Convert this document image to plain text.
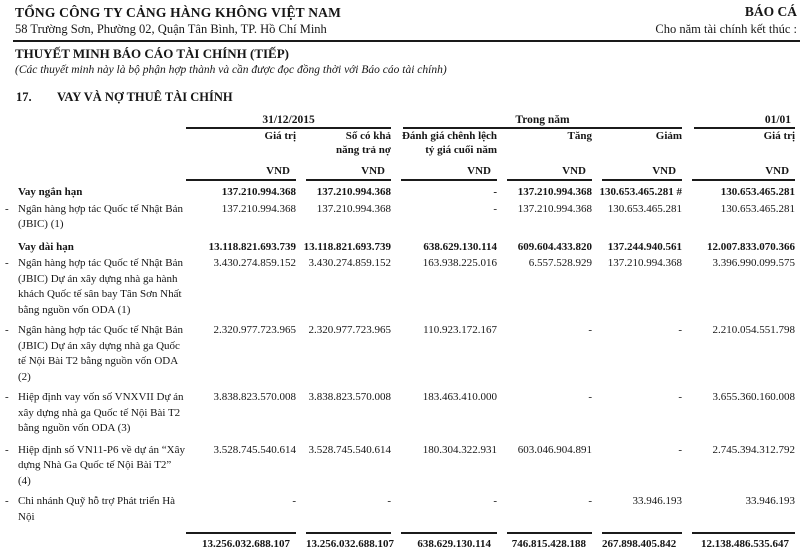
TỔNG CÔNG TY CẢNG HÀNG KHÔNG VIỆT NAM
58 Trường Sơn, Phường 02, Quận Tân Bình, TP. Hồ Chí Minh
BÁO CÁ
Cho năm tài chính kết thúc :
THUYẾT MINH BÁO CÁO TÀI CHÍNH (TIẾP)
(Các thuyết minh này là bộ phận hợp thành và cần được đọc đồng thời với Báo cáo tài chính)
17. VAY VÀ NỢ THUÊ TÀI CHÍNH

	31/12/2015		Trong năm			01/01

	Giá trị	Số có khả
năng trả nợ	Đánh giá chênh lệch
tỷ giá cuối năm	Tăng	Giảm	Giá trị

	VND	VND	VND	VND	VND	VND

Vay ngắn hạn	137.210.994.368	137.210.994.368	-	137.210.994.368	130.653.465.281 #	130.653.465.281
- Ngân hàng hợp tác Quốc tế Nhật Bản (JBIC) (1)	137.210.994.368	137.210.994.368	-	137.210.994.368	130.653.465.281	130.653.465.281
Vay dài hạn	13.118.821.693.739	13.118.821.693.739	638.629.130.114	609.604.433.820	137.244.940.561	12.007.833.070.366
- Ngân hàng hợp tác Quốc tế Nhật Bản (JBIC) Dự án xây dựng nhà ga hành khách Quốc tế sân bay Tân Sơn Nhất bằng nguồn vốn ODA (1)	3.430.274.859.152	3.430.274.859.152	163.938.225.016	6.557.528.929	137.210.994.368	3.396.990.099.575
- Ngân hàng hợp tác Quốc tế Nhật Bản (JBIC) Dự án xây dựng nhà ga Quốc tế Nội Bài T2 bằng nguồn vốn ODA (2)	2.320.977.723.965	2.320.977.723.965	110.923.172.167	-	-	2.210.054.551.798
- Hiệp định vay vốn số VNXVII Dự án xây dựng nhà ga Quốc tế Nội Bài T2 bằng nguồn vốn ODA (3)	3.838.823.570.008	3.838.823.570.008	183.463.410.000	-	-	3.655.360.160.008
- Hiệp định số VN11-P6 về dự án “Xây dựng Nhà Ga Quốc tế Nội Bài T2” (4)	3.528.745.540.614	3.528.745.540.614	180.304.322.931	603.046.904.891	-	2.745.394.312.792
- Chi nhánh Quỹ hỗ trợ Phát triển Hà Nội	-	-	-	-	33.946.193	33.946.193

	13.256.032.688.107	13.256.032.688.107	638.629.130.114	746.815.428.188	267.898.405.842	12.138.486.535.647
